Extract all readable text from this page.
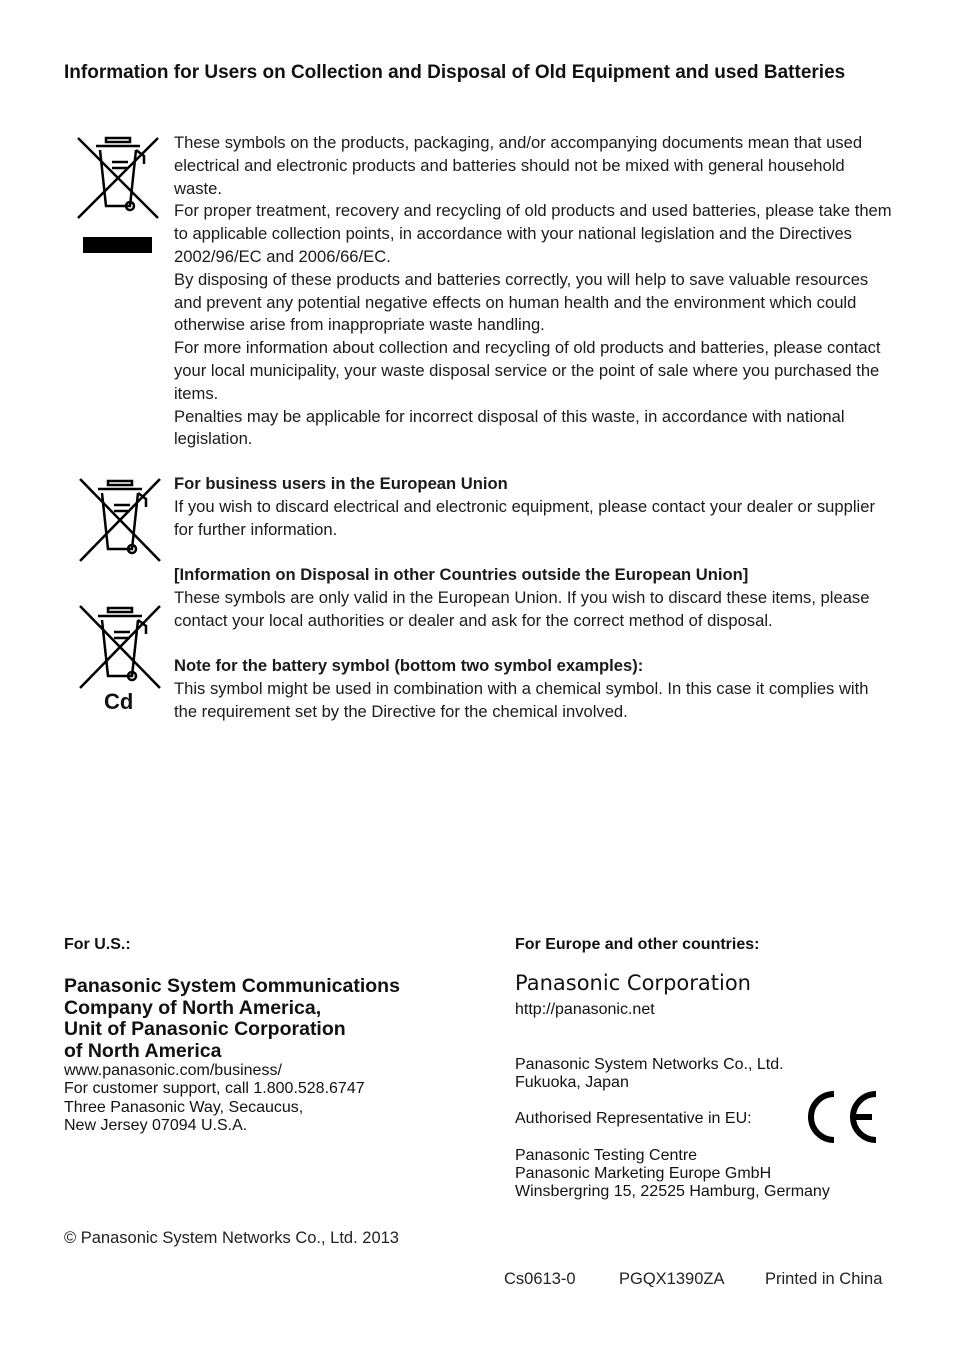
Information for Users on Collection and Disposal of Old Equipment and used Batteries

These symbols on the products, packaging, and/or accompanying documents mean that used electrical and electronic products and batteries should not be mixed with general household waste.

For proper treatment, recovery and recycling of old products and used batteries, please take them to applicable collection points, in accordance with your national legislation and the Directives 2002/96/EC and 2006/66/EC.

By disposing of these products and batteries correctly, you will help to save valuable resources and prevent any potential negative effects on human health and the environment which could otherwise arise from inappropriate waste handling.

For more information about collection and recycling of old products and batteries, please contact your local municipality, your waste disposal service or the point of sale where you purchased the items.

Penalties may be applicable for incorrect disposal of this waste, in accordance with national legislation.

For business users in the European Union

If you wish to discard electrical and electronic equipment, please contact your dealer or supplier for further information.

Cd

[Information on Disposal in other Countries outside the European Union]

These symbols are only valid in the European Union. If you wish to discard these items, please contact your local authorities or dealer and ask for the correct method of disposal.

Note for the battery symbol (bottom two symbol examples):

This symbol might be used in combination with a chemical symbol. In this case it complies with the requirement set by the Directive for the chemical involved.

For U.S.:
Panasonic System Communications
Company of North America,
Unit of Panasonic Corporation
of North America
www.panasonic.com/business/
For customer support, call 1.800.528.6747
Three Panasonic Way, Secaucus,
New Jersey 07094 U.S.A.
For Europe and other countries:
Panasonic Corporation
http://panasonic.net
Panasonic System Networks Co., Ltd.
Fukuoka, Japan
Authorised Representative in EU:
Panasonic Testing Centre
Panasonic Marketing Europe GmbH
Winsbergring 15, 22525 Hamburg, Germany
© Panasonic System Networks Co., Ltd. 2013
Cs0613-0	PGQX1390ZA Printed in China
